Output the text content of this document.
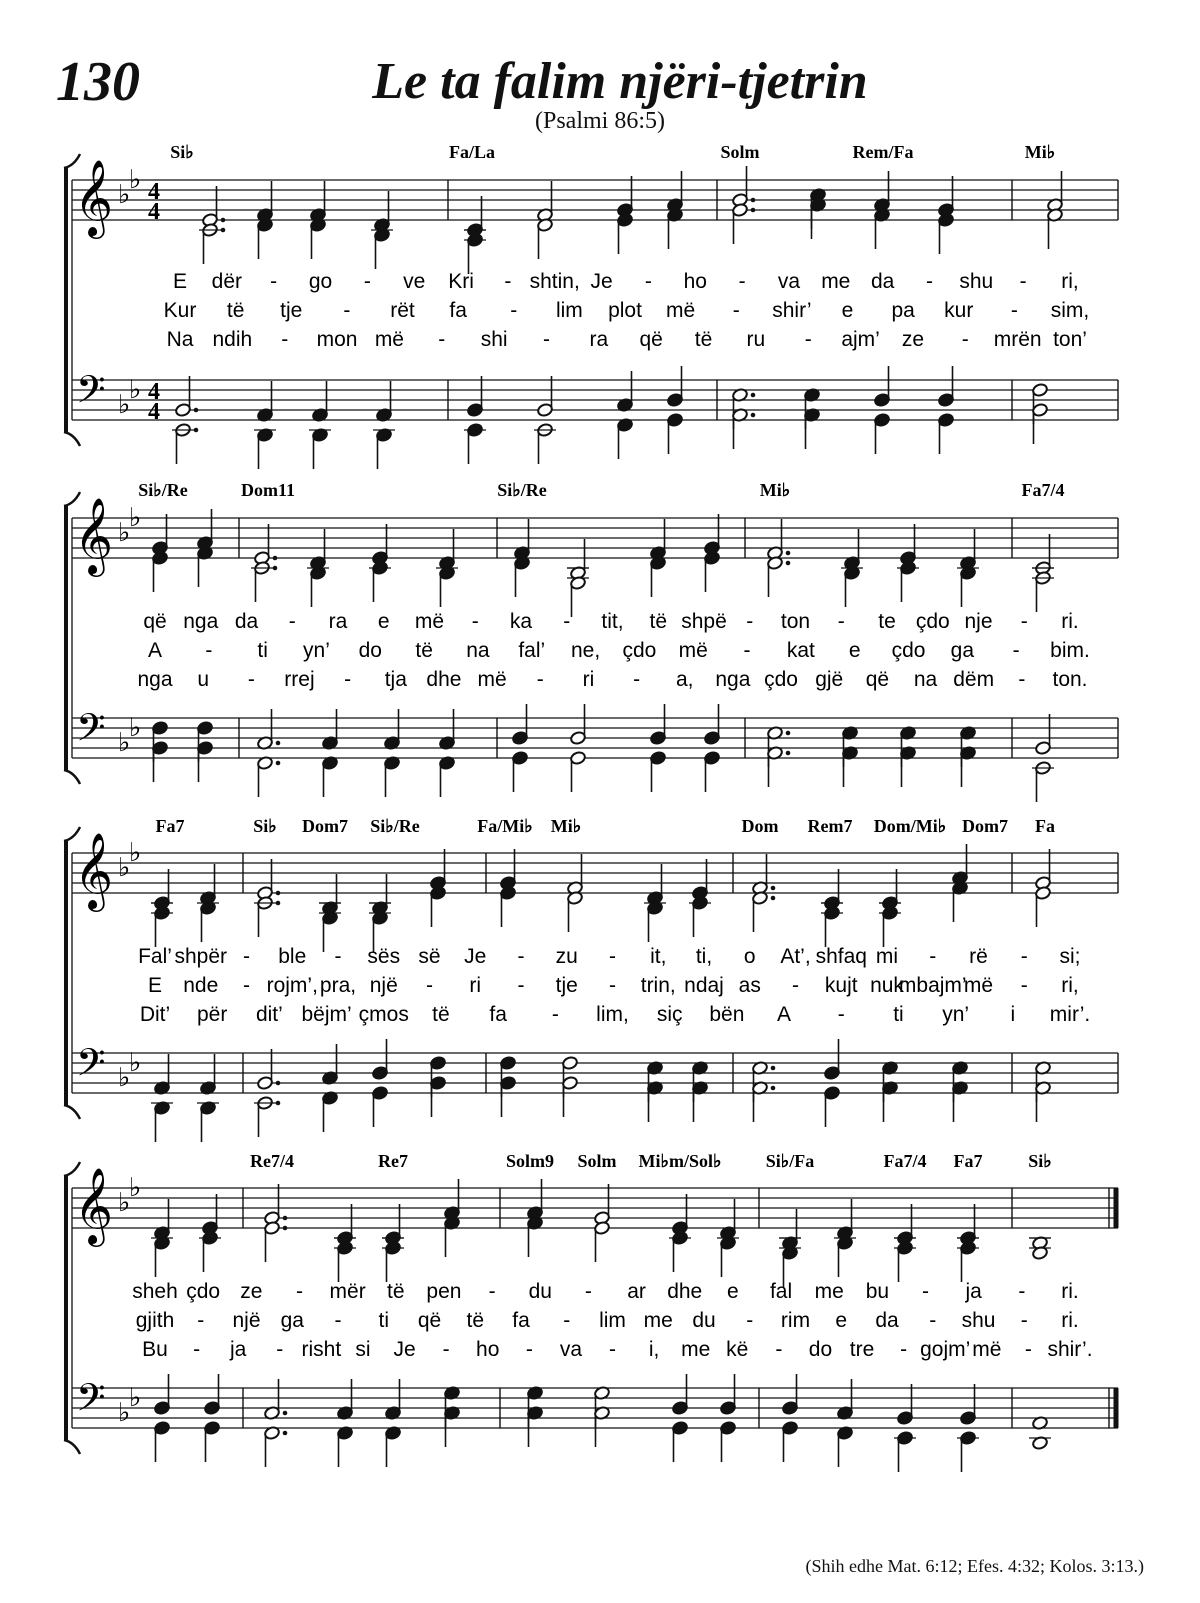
130	Le ta falim njëri-tjetrin
(Psalmi 86:5)
𝄞
𝄢
♭
♭
♭
♭
4
4
4
4
Si♭	Fa/La	Solm	Rem/Fa	Mi♭
E dër - go - ve Kri - shtin, Je - ho - va me da - shu - ri,
Kur të tje - rët fa - lim plot më - shir’ e pa kur - sim,
Na ndih - mon më - shi - ra që të ru - ajm’ ze - mrën ton’
𝄞
𝄢
♭
♭
♭
♭
Si♭/Re	Dom11	Si♭/Re	Mi♭	Fa7/4
që nga da - ra e më - ka - tit, të shpë - ton - te çdo nje - ri.
A - ti yn’ do të na fal’ ne, çdo më - kat e çdo ga - bim.
nga u - rrej - tja dhe më - ri - a, nga çdo gjë që na dëm - ton.
𝄞
𝄢
♭
♭
♭
♭
Fa7	Si♭ Dom7 Si♭/Re	Fa/Mi♭ Mi♭	Dom Rem7 Dom/Mi♭ Dom7 Fa
Fal’ shpër - ble - sës së Je - zu - it, ti, o At’, shfaq mi - rë - si;
E nde - rojm’, pra, një - ri - tje - trin, ndaj as - kujt nuk
mbajm’
më - ri,
Dit’ për dit’ bëjm’ çmos të fa - lim, siç bën A - ti yn’ i mir’.
𝄞
𝄢
♭
♭
♭
♭
Re7/4	Re7	Solm9 Solm Mi♭m/Sol♭ Si♭/Fa	Fa7/4 Fa7	Si♭
sheh çdo ze - mër të pen - du - ar dhe e fal me bu - ja - ri.
gjith - një ga - ti që të fa - lim me du - rim e da - shu - ri.
Bu - ja - risht si Je - ho - va - i, me kë - do tre - gojm’ më - shir’.
(Shih edhe Mat. 6:12; Efes. 4:32; Kolos. 3:13.)
